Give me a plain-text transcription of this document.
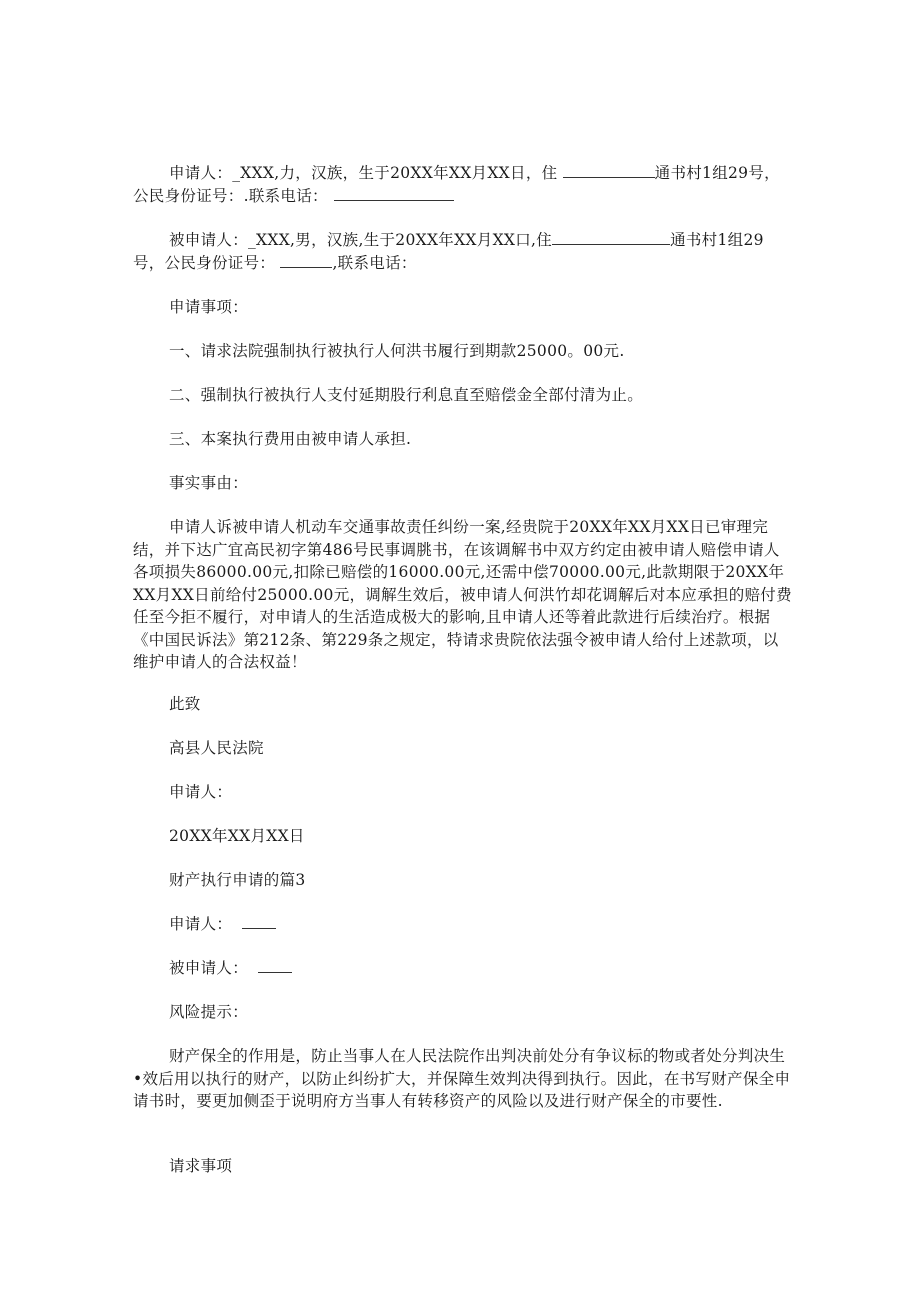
申请人：_XXX,力，汉族，生于20XX年XX月XX日，住	通书村1组29号，公民身份证号：.联系电话：

被申请人：_XXX,男，汉族,生于20XX年XX月XX口,住	通书村1组29号，公民身份证号：	,联系电话：

申请事项：

一、请求法院强制执行被执行人何洪书履行到期款25000。00元.

二、强制执行被执行人支付延期股行利息直至赔偿金全部付清为止。

三、本案执行费用由被申请人承担.

事实事由：

申请人诉被申请人机动车交通事故责任纠纷一案,经贵院于20XX年XX月XX日已审理完结，并下达广宜高民初字第486号民事调朓书，在该调解书中双方约定由被申请人赔偿申请人各项损失86000.00元,扣除已赔偿的16000.00元,还需中偿70000.00元,此款期限于20XX年XX月XX日前给付25000.00元，调解生效后，被申请人何洪竹却花调解后对本应承担的赔付费任至今拒不履行，对申请人的生活造成极大的影响,且申请人还等着此款进行后续治疗。根据《中国民诉法》第212条、第229条之规定，特请求贵院依法强令被申请人给付上述款项，以维护申请人的合法权益！

此致

高县人民法院

申请人：

20XX年XX月XX日

财产执行申请的篇3

申请人：

被申请人：

风险提示：

财产保全的作用是，防止当事人在人民法院作出判决前处分有争议标的物或者处分判决生•效后用以执行的财产，以防止纠纷扩大，并保障生效判决得到执行。因此，在书写财产保全申请书时，要更加侧歪于说明府方当事人有转移资产的风险以及进行财产保全的市要性.

请求事项
